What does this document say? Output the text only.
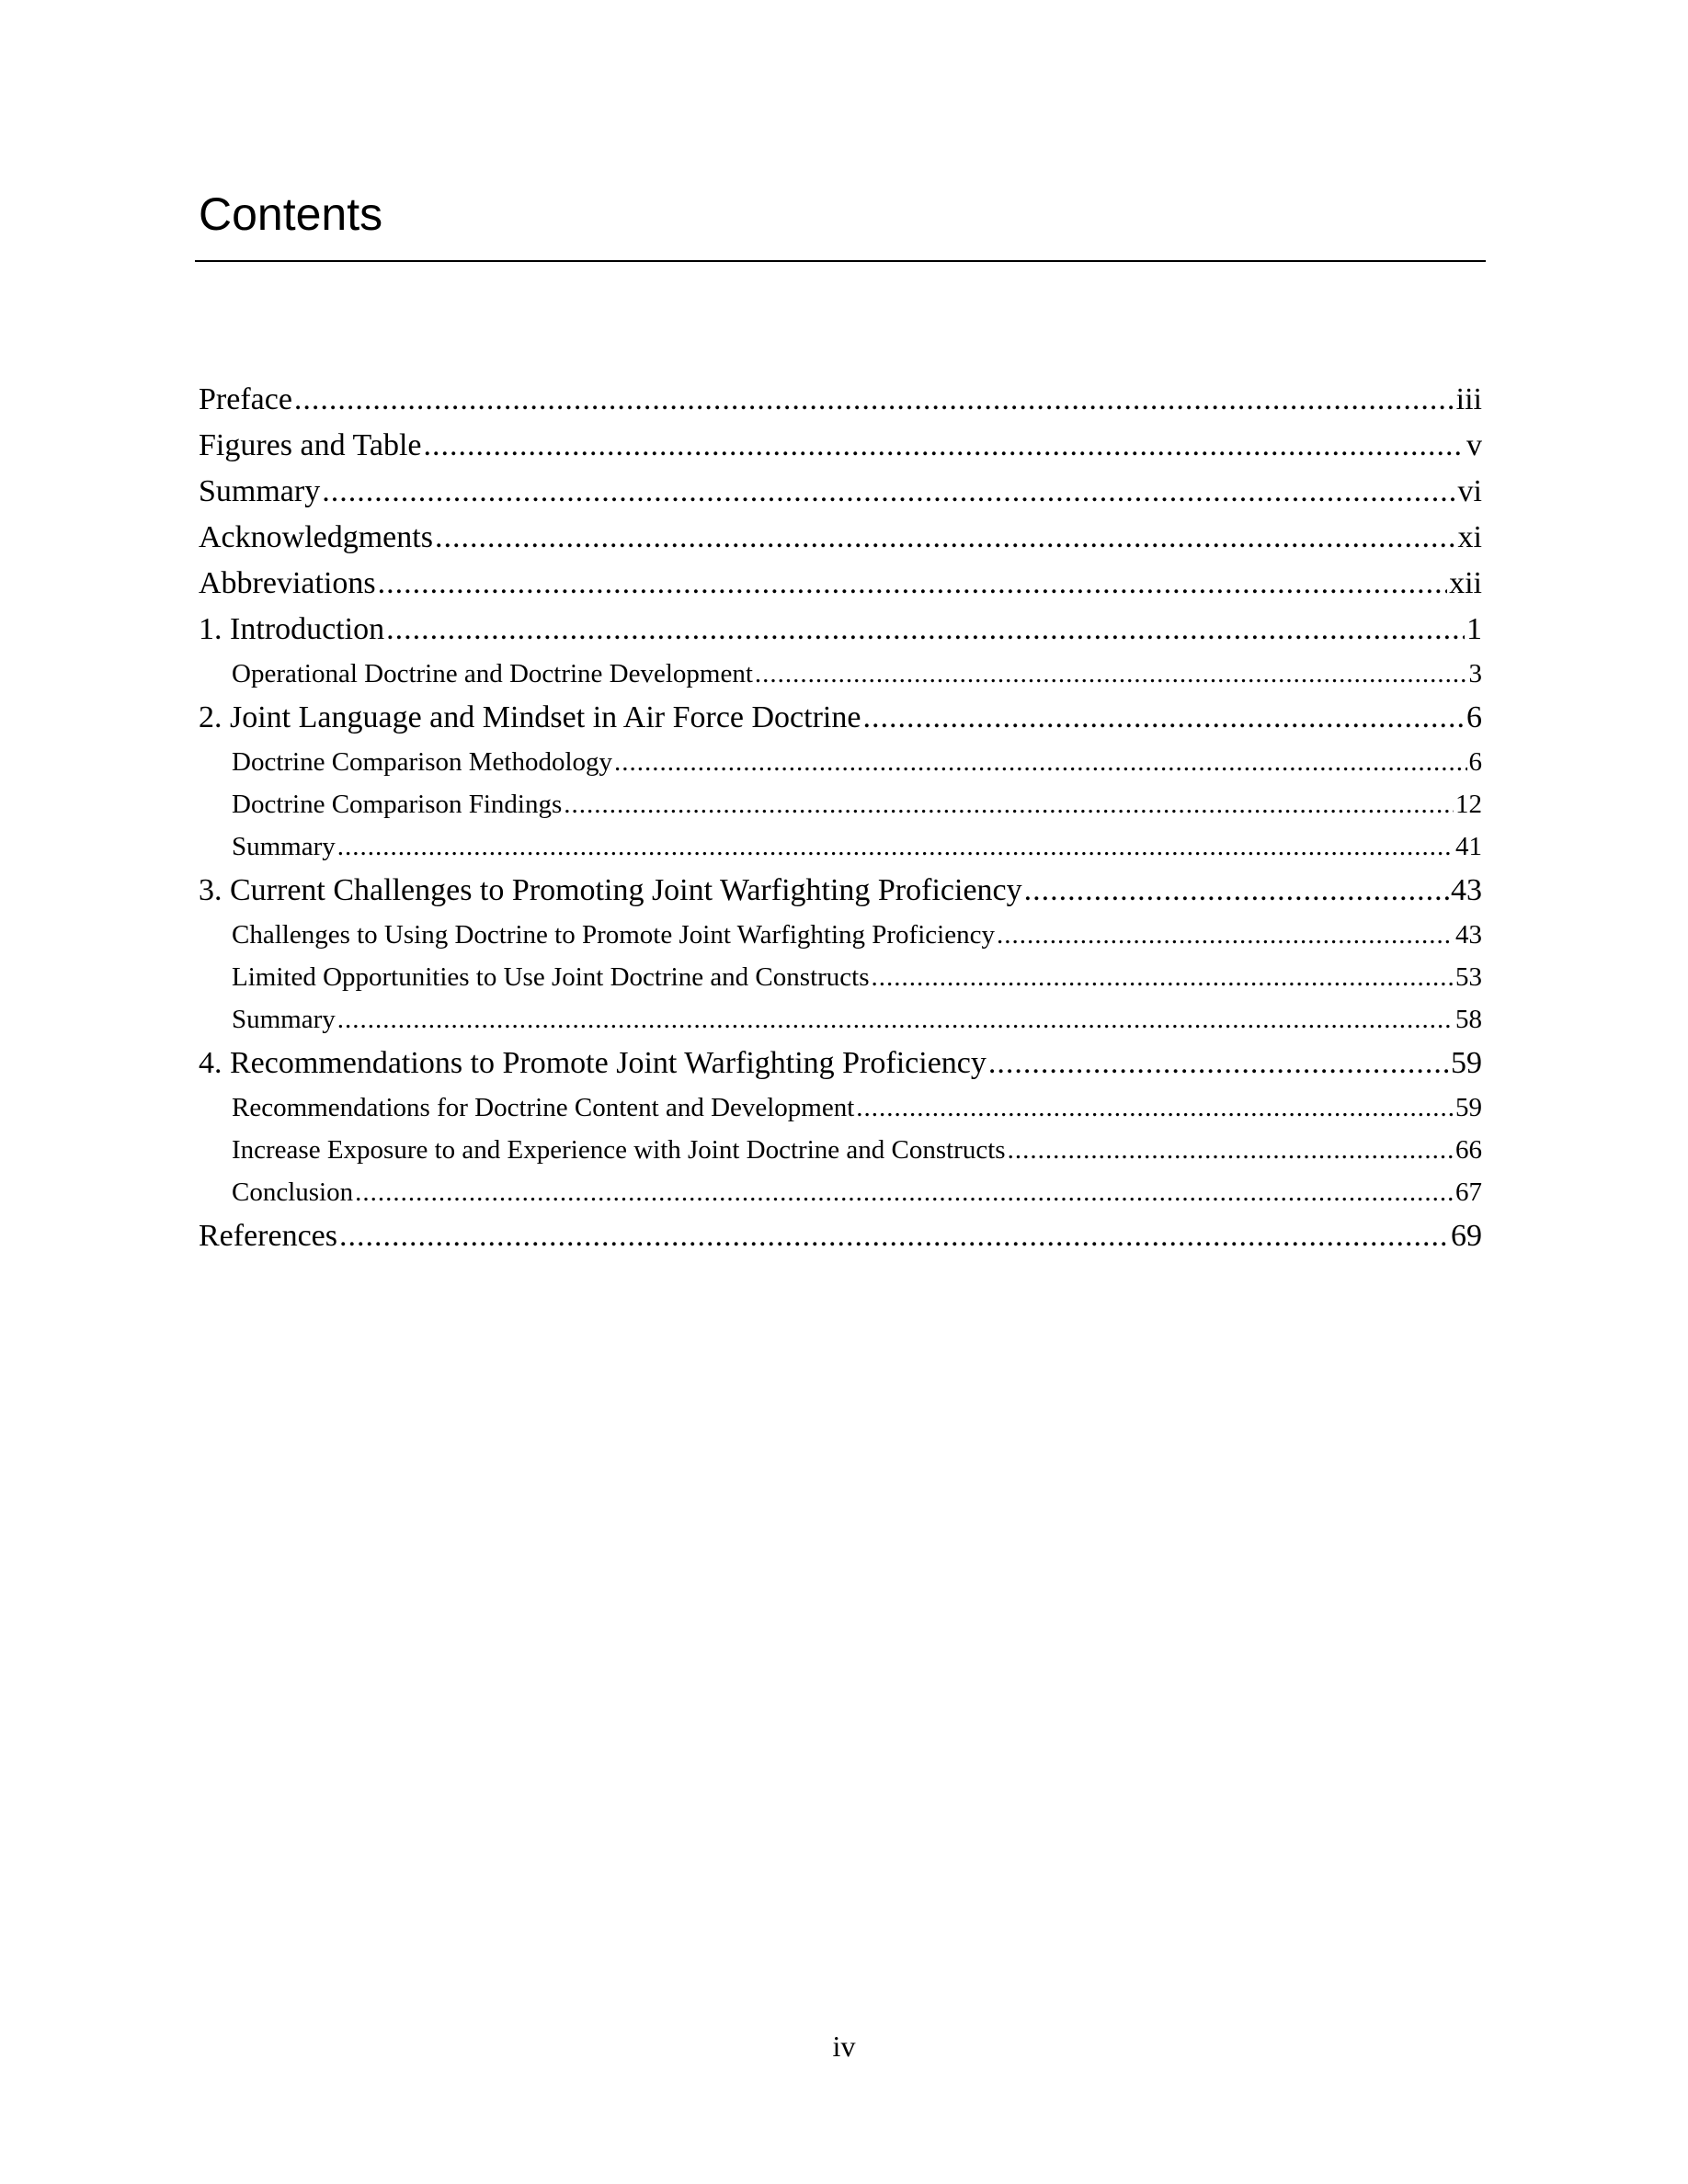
Contents
Preface .....	iii
Figures and Table .....	v
Summary .....	vi
Acknowledgments .....	xi
Abbreviations .....	xii
1. Introduction .....	1
Operational Doctrine and Doctrine Development .....	3
2. Joint Language and Mindset in Air Force Doctrine .....	6
Doctrine Comparison Methodology .....	6
Doctrine Comparison Findings .....	12
Summary .....	41
3. Current Challenges to Promoting Joint Warfighting Proficiency .....	43
Challenges to Using Doctrine to Promote Joint Warfighting Proficiency .....	43
Limited Opportunities to Use Joint Doctrine and Constructs .....	53
Summary .....	58
4. Recommendations to Promote Joint Warfighting Proficiency .....	59
Recommendations for Doctrine Content and Development .....	59
Increase Exposure to and Experience with Joint Doctrine and Constructs .....	66
Conclusion .....	67
References .....	69
iv
